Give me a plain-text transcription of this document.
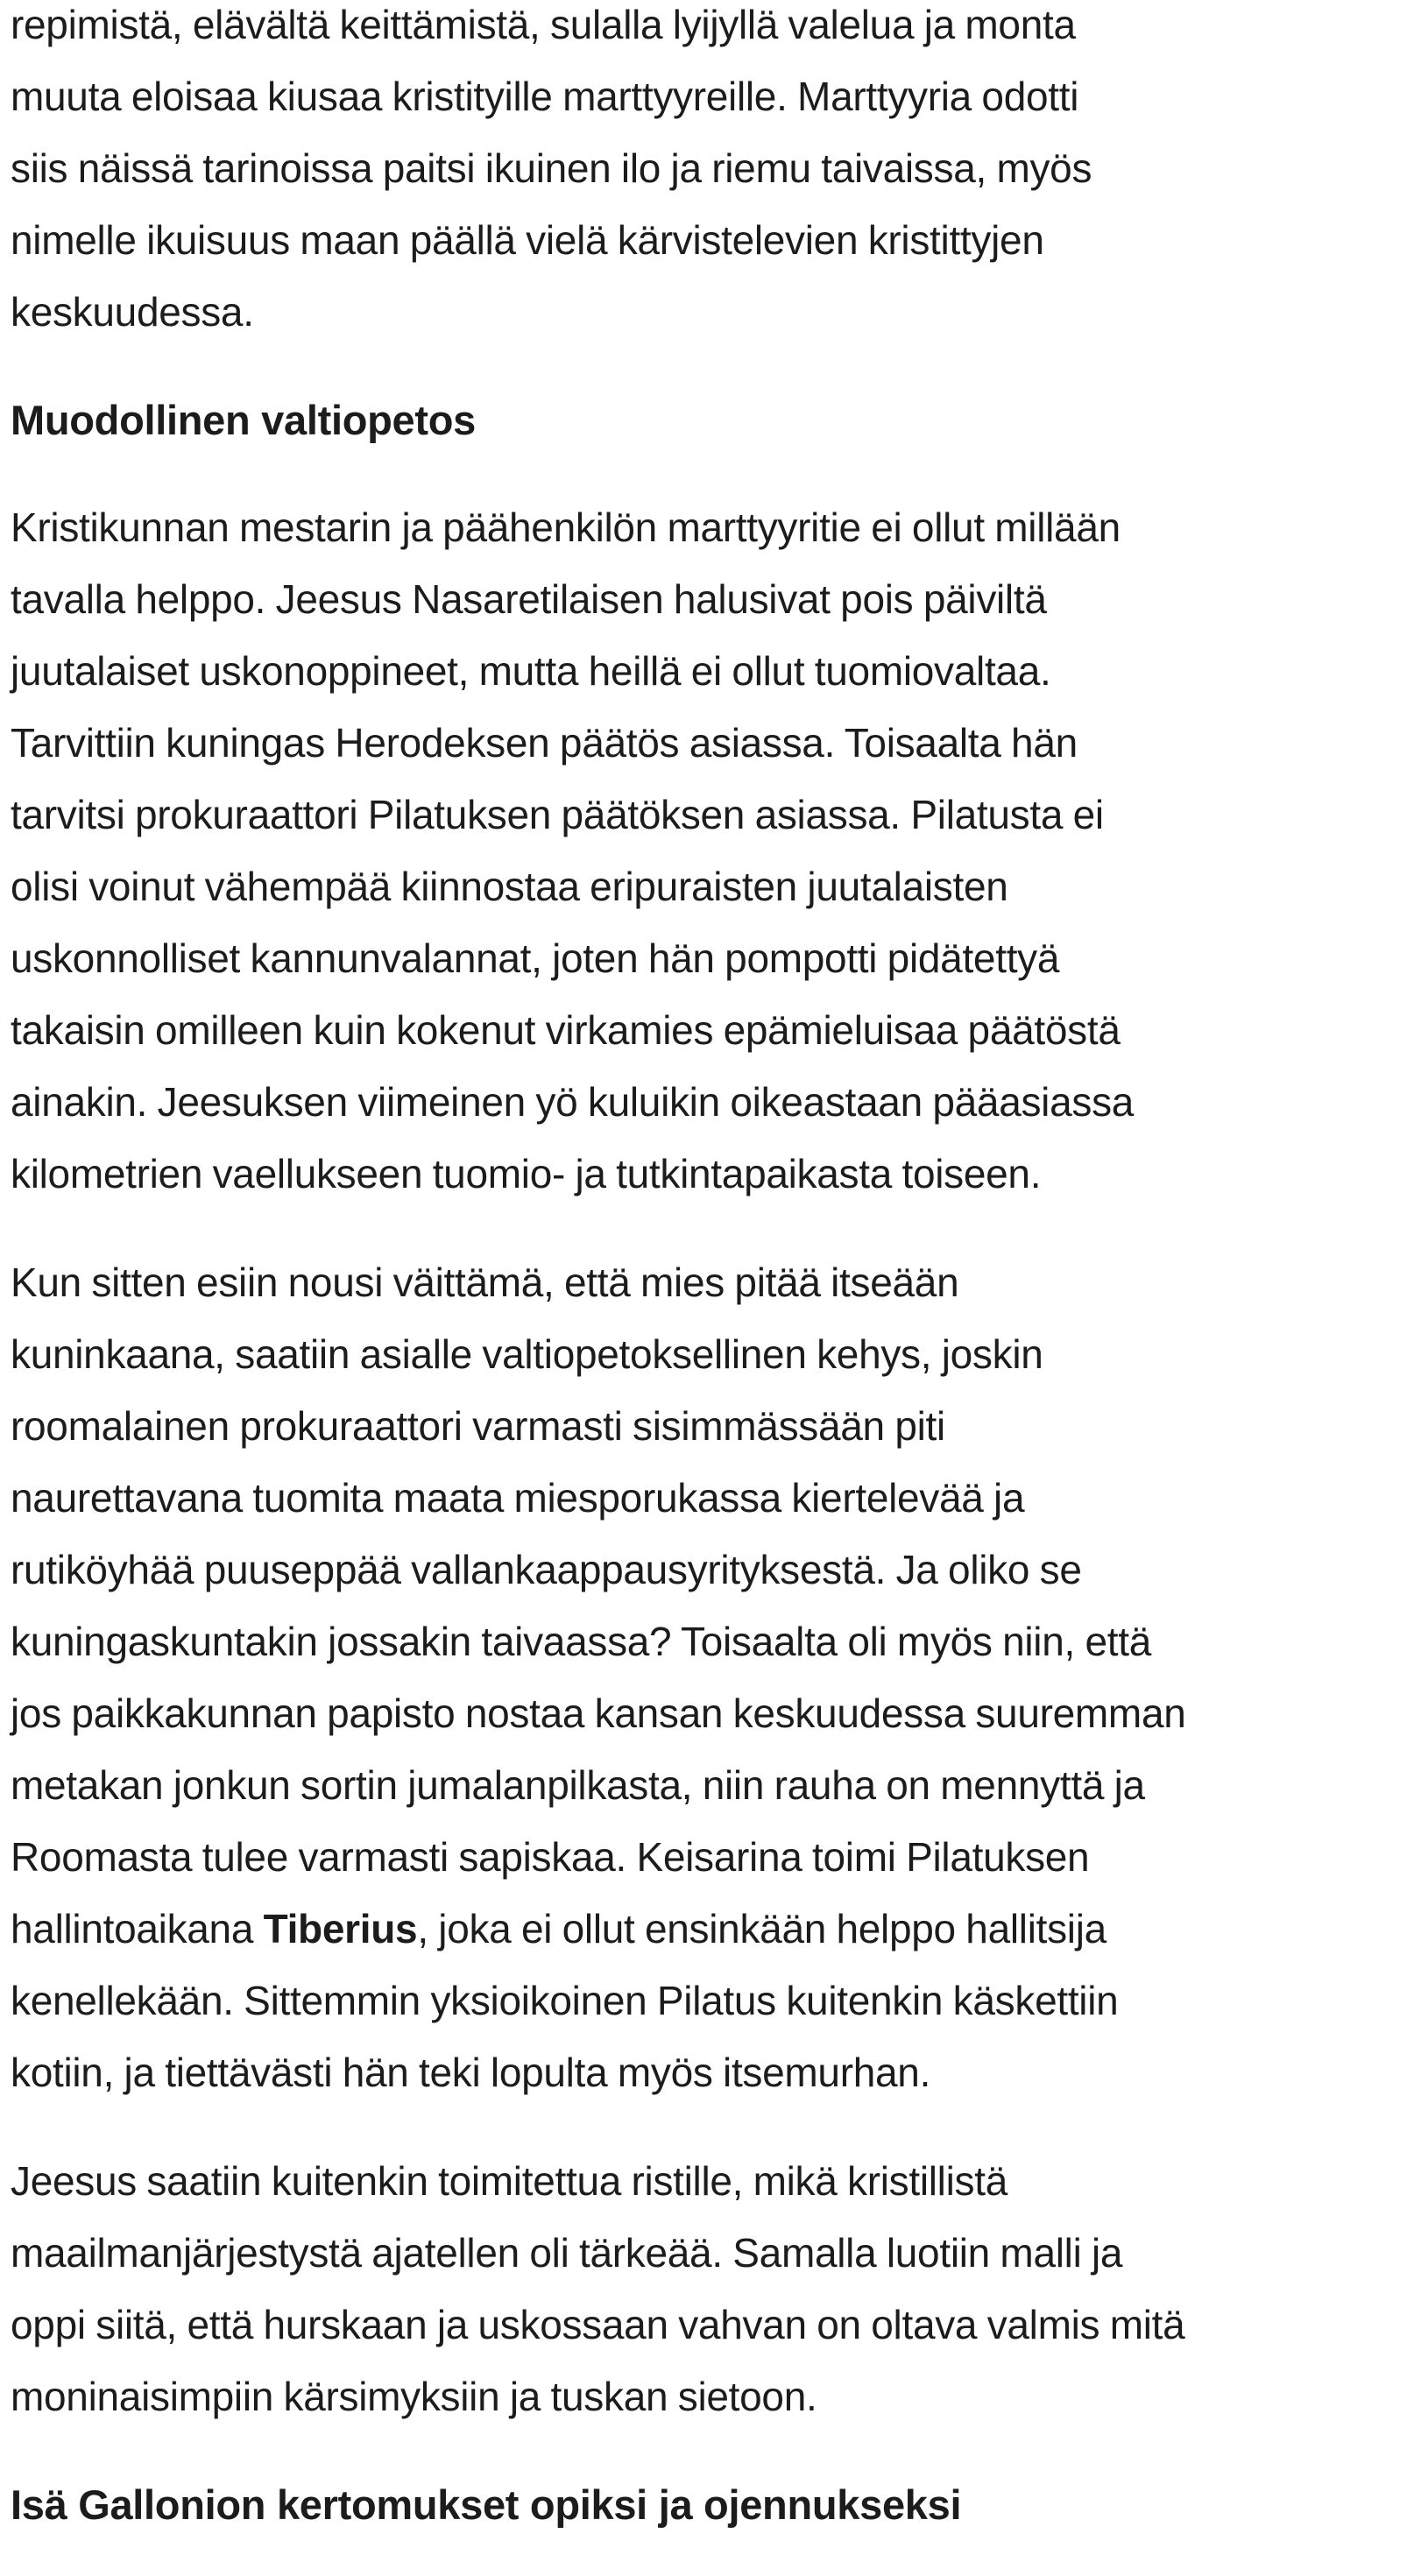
repimistä, elävältä keittämistä, sulalla lyijyllä valelua ja monta
muuta eloisaa kiusaa kristityille marttyyreille. Marttyyria odotti
siis näissä tarinoissa paitsi ikuinen ilo ja riemu taivaissa, myös
nimelle ikuisuus maan päällä vielä kärvistelevien kristittyjen
keskuudessa.
Muodollinen valtiopetos
Kristikunnan mestarin ja päähenkilön marttyyritie ei ollut millään
tavalla helppo. Jeesus Nasaretilaisen halusivat pois päiviltä
juutalaiset uskonoppineet, mutta heillä ei ollut tuomiovaltaa.
Tarvittiin kuningas Herodeksen päätös asiassa. Toisaalta hän
tarvitsi prokuraattori Pilatuksen päätöksen asiassa. Pilatusta ei
olisi voinut vähempää kiinnostaa eripuraisten juutalaisten
uskonnolliset kannunvalannat, joten hän pompotti pidätettyä
takaisin omilleen kuin kokenut virkamies epämieluisaa päätöstä
ainakin. Jeesuksen viimeinen yö kuluikin oikeastaan pääasiassa
kilometrien vaellukseen tuomio- ja tutkintapaikasta toiseen.
Kun sitten esiin nousi väittämä, että mies pitää itseään
kuninkaana, saatiin asialle valtiopetoksellinen kehys, joskin
roomalainen prokuraattori varmasti sisimmässään piti
naurettavana tuomita maata miesporukassa kiertelevää ja
rutiköyhää puuseppää vallankaappausyrityksestä. Ja oliko se
kuningaskuntakin jossakin taivaassa? Toisaalta oli myös niin, että
jos paikkakunnan papisto nostaa kansan keskuudessa suuremman
metakan jonkun sortin jumalanpilkasta, niin rauha on mennyttä ja
Roomasta tulee varmasti sapiskaa. Keisarina toimi Pilatuksen
hallintoaikana Tiberius, joka ei ollut ensinkään helppo hallitsija
kenellekään. Sittemmin yksioikoinen Pilatus kuitenkin käskettiin
kotiin, ja tiettävästi hän teki lopulta myös itsemurhan.
Jeesus saatiin kuitenkin toimitettua ristille, mikä kristillistä
maailmanjärjestystä ajatellen oli tärkeää. Samalla luotiin malli ja
oppi siitä, että hurskaan ja uskossaan vahvan on oltava valmis mitä
moninaisimpiin kärsimyksiin ja tuskan sietoon.
Isä Gallonion kertomukset opiksi ja ojennukseksi
